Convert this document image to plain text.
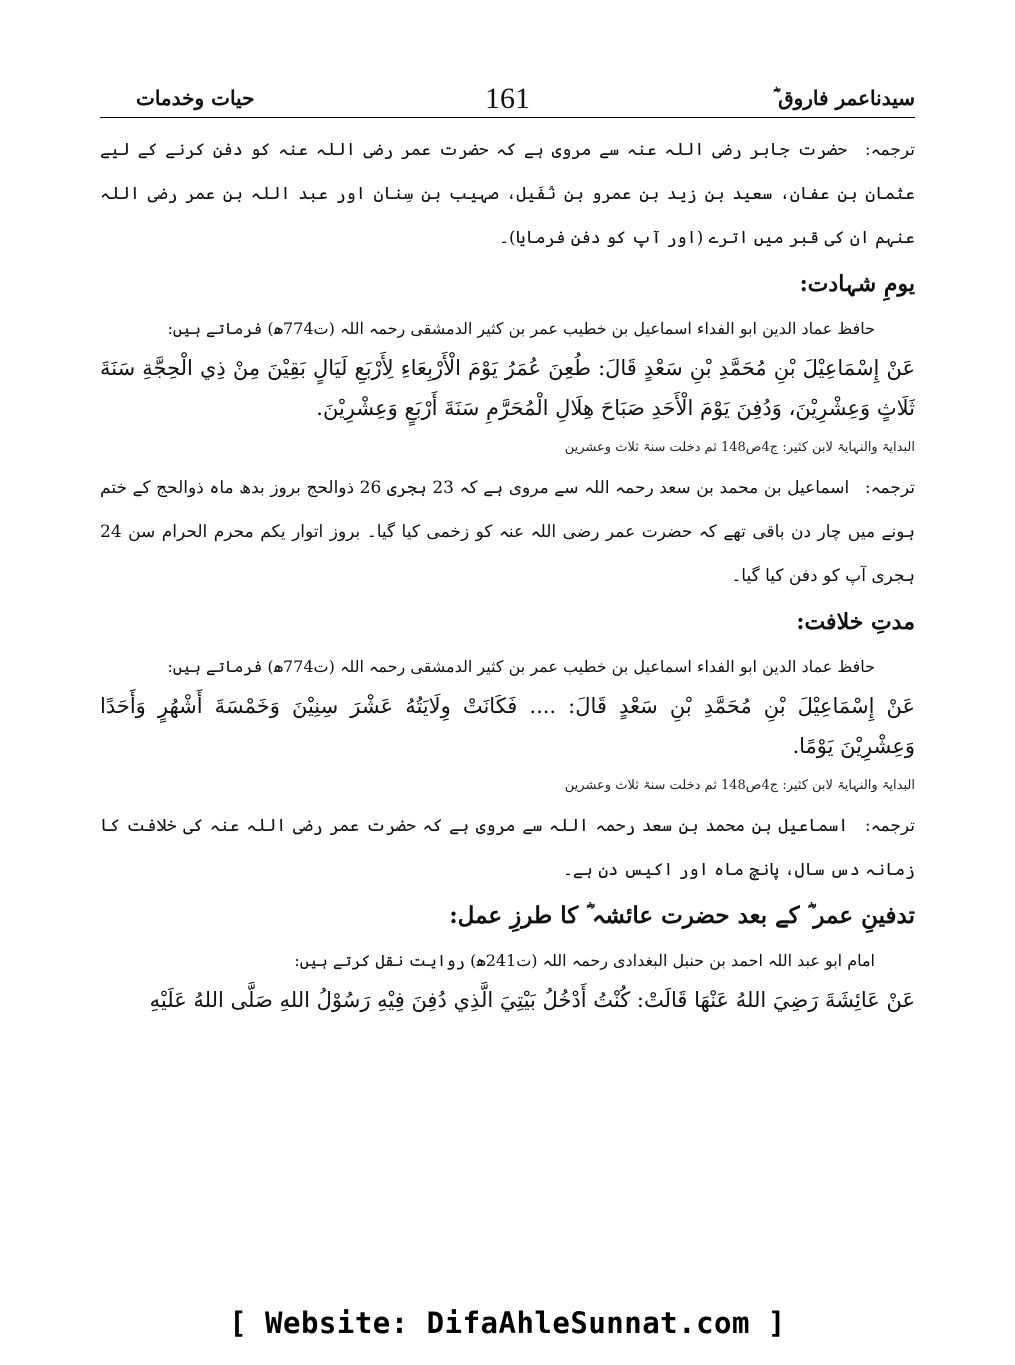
حیات وخدمات	161	سیدناعمر فاروق ؓ

ترجمہ: حضرت جابر رضی اللہ عنہ سے مروی ہے کہ حضرت عمر رضی اللہ عنہ کو دفن کرنے کے لیے عثمان بن عفان، سعید بن زید بن عمرو بن نُفَیل، صہیب بن سِنان اور عبد اللہ بن عمر رضی اللہ عنہم ان کی قبر میں اترے (اور آپ کو دفن فرمایا)۔

یومِ شہادت:

حافظ عماد الدین ابو الفداء اسماعیل بن خطیب عمر بن کثیر الدمشقی رحمہ اللہ (ت774ھ) فرماتے ہیں:

عَنْ إِسْمَاعِيْلَ بْنِ مُحَمَّدِ بْنِ سَعْدٍ قَالَ: طُعِنَ عُمَرُ يَوْمَ الْأَرْبِعَاءِ لِأَرْبَعِ لَيَالٍ بَقِيْنَ مِنْ ذِي الْحِجَّةِ سَنَةَ ثَلَاثٍ وَعِشْرِيْنَ، وَدُفِنَ يَوْمَ الْأَحَدِ صَبَاحَ هِلَالِ الْمُحَرَّمِ سَنَةَ أَرْبَعٍ وَعِشْرِيْنَ.

البدایۃ والنہایۃ لابن کثیر: ج4ص148 ثم دخلت سنۃ ثلاث وعشرین

ترجمہ: اسماعیل بن محمد بن سعد رحمہ اللہ سے مروی ہے کہ 23 ہجری 26 ذوالحج بروز بدھ ماہ ذوالحج کے ختم ہونے میں چار دن باقی تھے کہ حضرت عمر رضی اللہ عنہ کو زخمی کیا گیا۔ بروز اتوار یکم محرم الحرام سن 24 ہجری آپ کو دفن کیا گیا۔

مدتِ خلافت:

حافظ عماد الدین ابو الفداء اسماعیل بن خطیب عمر بن کثیر الدمشقی رحمہ اللہ (ت774ھ) فرماتے ہیں:

عَنْ إِسْمَاعِيْلَ بْنِ مُحَمَّدِ بْنِ سَعْدٍ قَالَ: .... فَكَانَتْ وِلَايَتُهُ عَشْرَ سِنِيْنَ وَخَمْسَةَ أَشْهُرٍ وَأَحَدًا وَعِشْرِيْنَ يَوْمًا.

البدایۃ والنہایۃ لابن کثیر: ج4ص148 ثم دخلت سنۃ ثلاث وعشرین

ترجمہ: اسماعیل بن محمد بن سعد رحمہ اللہ سے مروی ہے کہ حضرت عمر رضی اللہ عنہ کی خلافت کا زمانہ دس سال، پانچ ماہ اور اکیس دن ہے۔

تدفینِ عمر ؓ کے بعد حضرت عائشہ ؓ کا طرزِ عمل:

امام ابو عبد اللہ احمد بن حنبل البغدادی رحمہ اللہ (ت241ھ) روایت نقل کرتے ہیں:

عَنْ عَائِشَةَ رَضِيَ اللهُ عَنْهَا قَالَتْ: كُنْتُ أَدْخُلُ بَيْتِيَ الَّذِي دُفِنَ فِيْهِ رَسُوْلُ اللهِ صَلَّى اللهُ عَلَيْهِ

[ Website: DifaAhleSunnat.com ]
